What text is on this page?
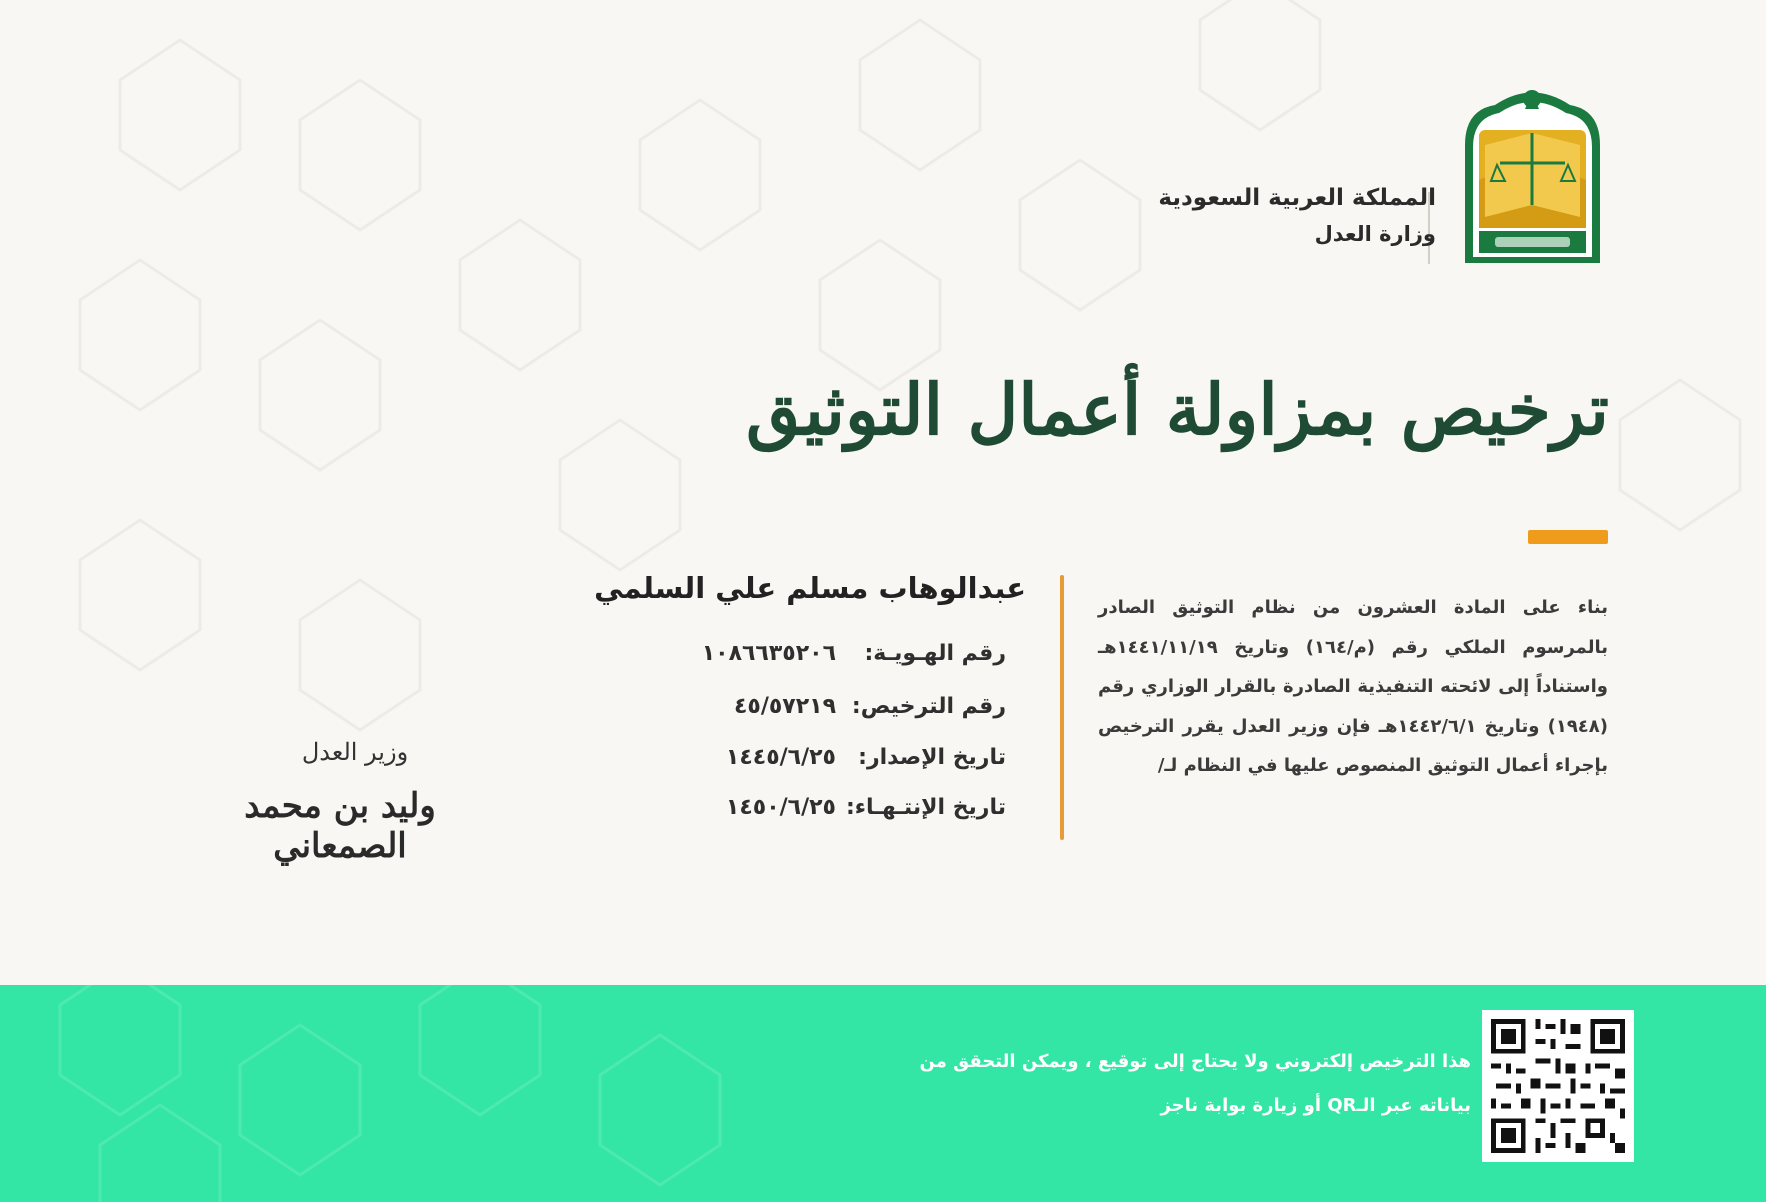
المملكة العربية السعودية
وزارة العدل
ترخيص بمزاولة أعمال التوثيق
بناء على المادة العشرون من نظام التوثيق الصادر بالمرسوم الملكي رقم (م/١٦٤) وتاريخ ١٤٤١/١١/١٩هـ واستناداً إلى لائحته التنفيذية الصادرة بالقرار الوزاري رقم (١٩٤٨) وتاريخ ١٤٤٢/٦/١هـ فإن وزير العدل يقرر الترخيص بإجراء أعمال التوثيق المنصوص عليها في النظام لـ/
عبدالوهاب مسلم علي السلمي
رقم الهـويـة:
١٠٨٦٦٣٥٢٠٦
رقم الترخيص:
٤٥/٥٧٢١٩
تاريخ الإصدار:
١٤٤٥/٦/٢٥
تاريخ الإنتـهـاء:
١٤٥٠/٦/٢٥
وزير العدل
وليد بن محمد الصمعاني
هذا الترخيص إلكتروني ولا يحتاج إلى توقيع ، ويمكن التحقق من
بياناته عبر الـQR أو زيارة بوابة ناجز
